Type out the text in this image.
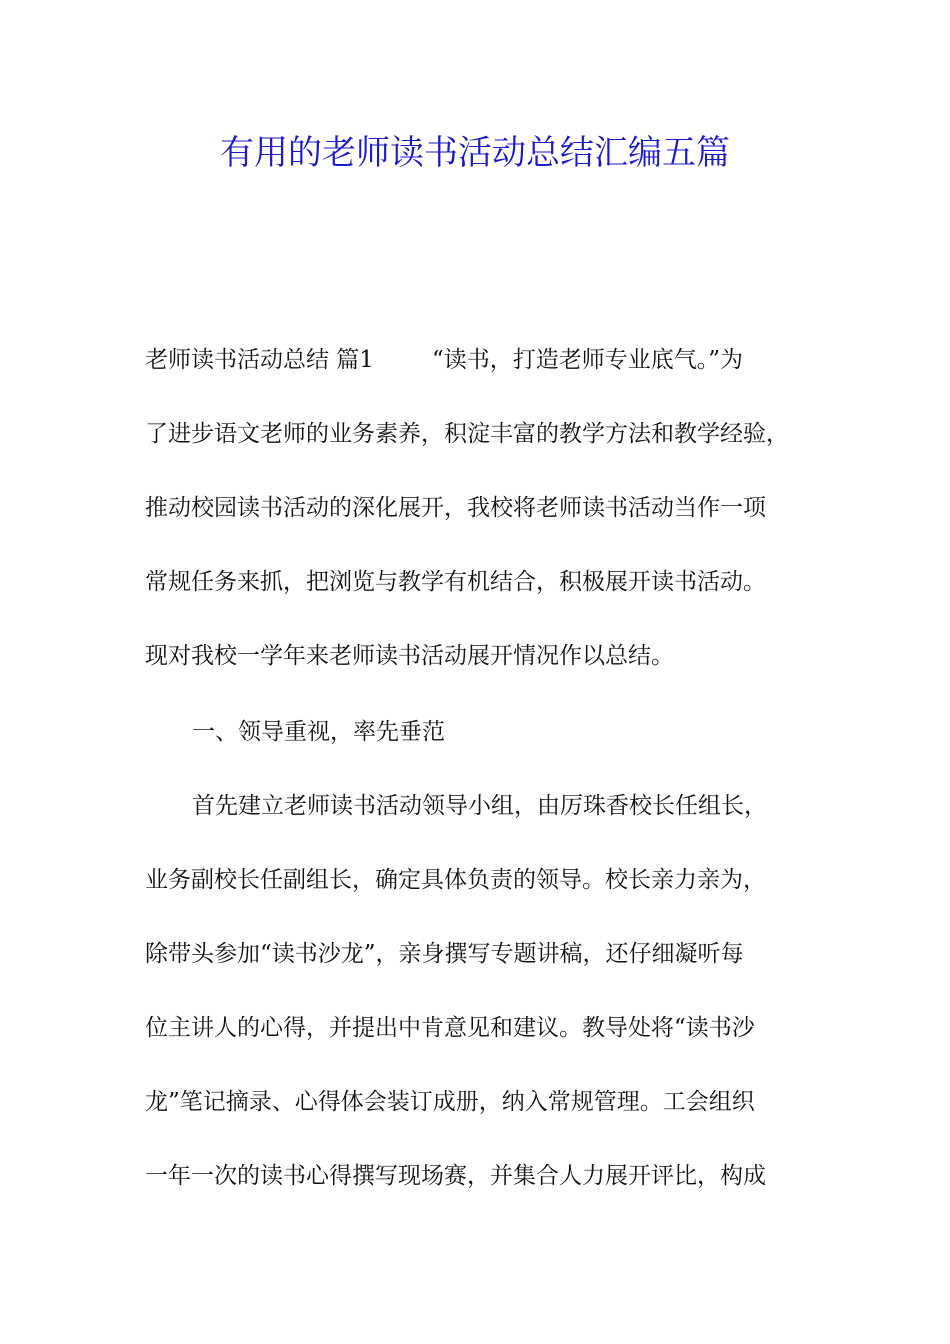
有用的老师读书活动总结汇编五篇
老师读书活动总结 篇1	“读书，打造老师专业底气。”为
了进步语文老师的业务素养，积淀丰富的教学方法和教学经验，
推动校园读书活动的深化展开，我校将老师读书活动当作一项
常规任务来抓，把浏览与教学有机结合，积极展开读书活动。
现对我校一学年来老师读书活动展开情况作以总结。
一、领导重视，率先垂范
首先建立老师读书活动领导小组，由厉珠香校长任组长，
业务副校长任副组长，确定具体负责的领导。校长亲力亲为，
除带头参加“读书沙龙”，亲身撰写专题讲稿，还仔细凝听每
位主讲人的心得，并提出中肯意见和建议。教导处将“读书沙
龙”笔记摘录、心得体会装订成册，纳入常规管理。工会组织
一年一次的读书心得撰写现场赛，并集合人力展开评比，构成
